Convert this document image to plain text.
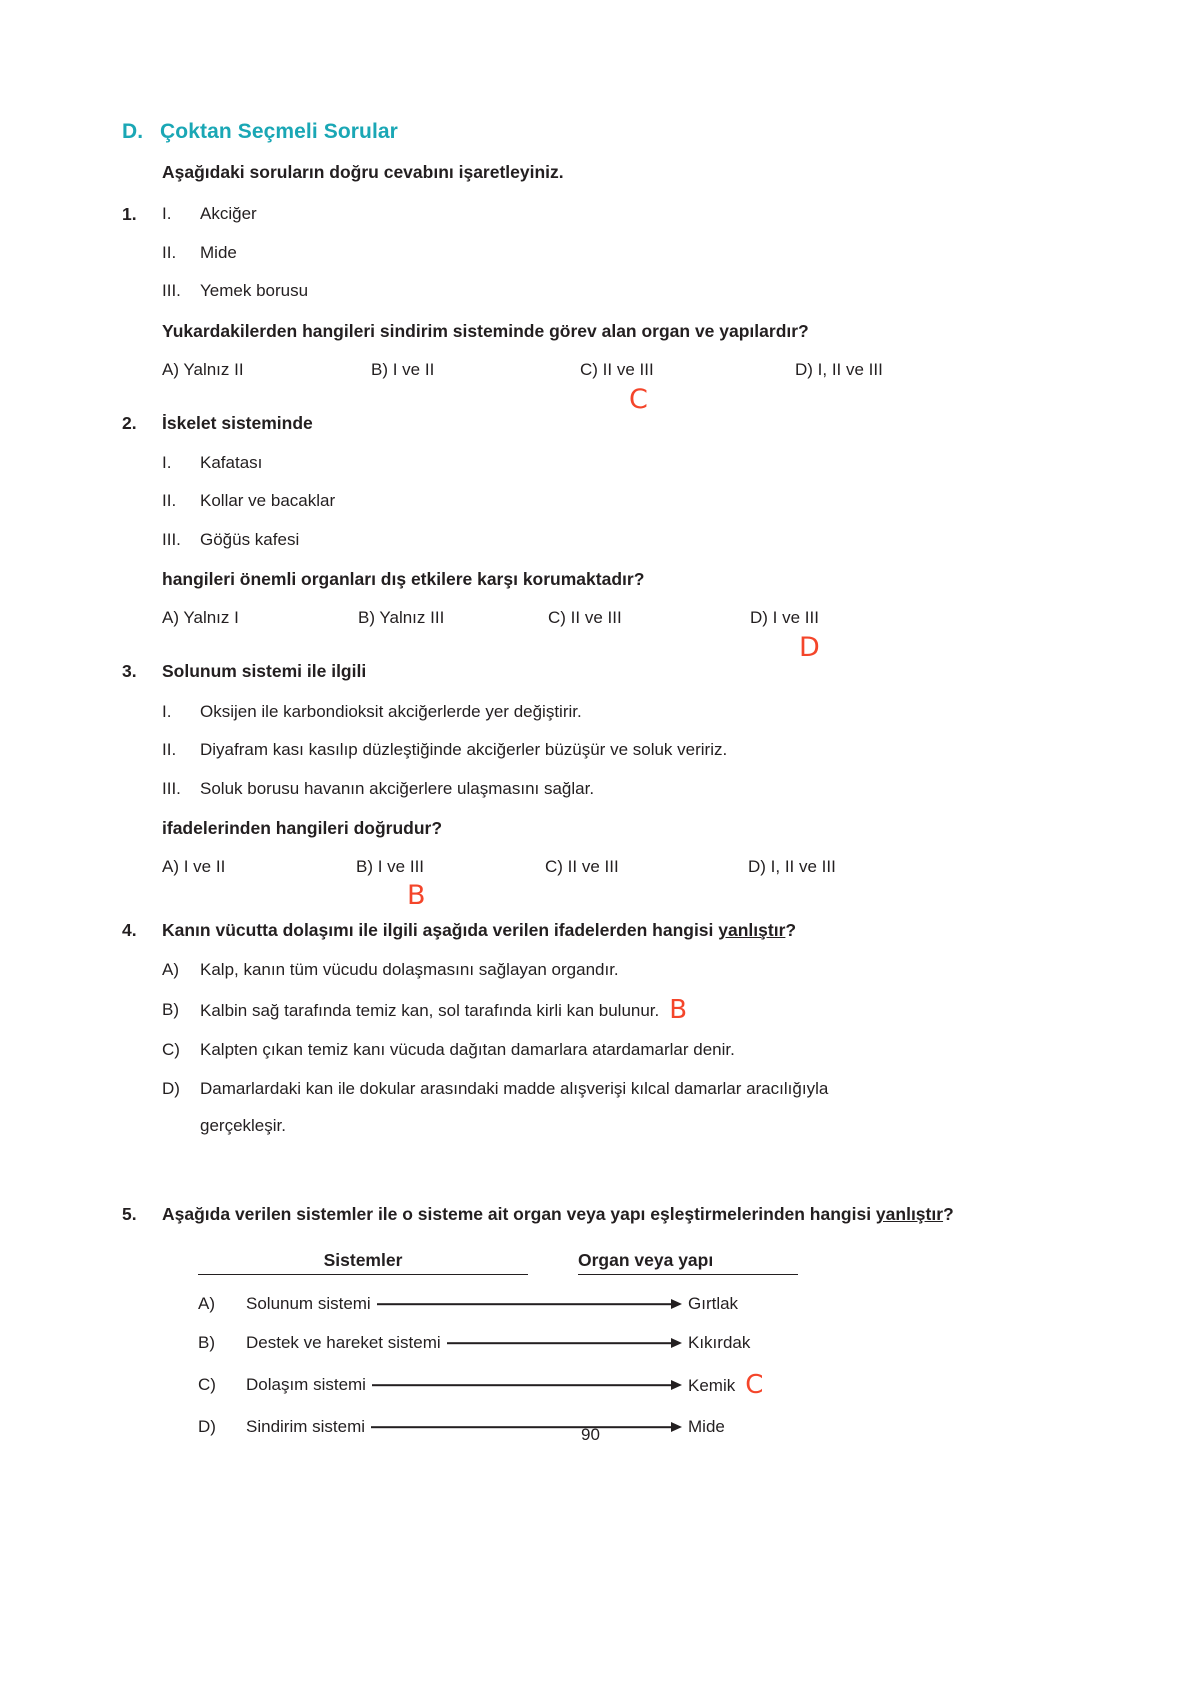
D. Çoktan Seçmeli Sorular
Aşağıdaki soruların doğru cevabını işaretleyiniz.
1.	I.	Akciğer
II.	Mide
III.	Yemek borusu
Yukardakilerden hangileri sindirim sisteminde görev alan organ ve yapılardır?
A) Yalnız II	B) I ve II	C) II ve III	D) I, II ve III
C
2.	İskelet sisteminde
I.	Kafatası
II.	Kollar ve bacaklar
III.	Göğüs kafesi
hangileri önemli organları dış etkilere karşı korumaktadır?
A) Yalnız I	B) Yalnız III	C) II ve III	D) I ve III
D
3.	Solunum sistemi ile ilgili
I.	Oksijen ile karbondioksit akciğerlerde yer değiştirir.
II.	Diyafram kası kasılıp düzleştiğinde akciğerler büzüşür ve soluk veririz.
III.	Soluk borusu havanın akciğerlere ulaşmasını sağlar.
ifadelerinden hangileri doğrudur?
A) I ve II	B) I ve III	C) II ve III	D) I, II ve III
B
4.	Kanın vücutta dolaşımı ile ilgili aşağıda verilen ifadelerden hangisi yanlıştır?
A)	Kalp, kanın tüm vücudu dolaşmasını sağlayan organdır.
B)	Kalbin sağ tarafında temiz kan, sol tarafında kirli kan bulunur. B
C)	Kalpten çıkan temiz kanı vücuda dağıtan damarlara atardamarlar denir.
D)	Damarlardaki kan ile dokular arasındaki madde alışverişi kılcal damarlar aracılığıyla
gerçekleşir.
5.	Aşağıda verilen sistemler ile o sisteme ait organ veya yapı eşleştirmelerinden hangisi yanlıştır?
Sistemler	Organ veya yapı
A)	Solunum sistemi	Gırtlak
B)	Destek ve hareket sistemi	Kıkırdak
C)	Dolaşım sistemi	Kemik C
D)	Sindirim sistemi	Mide
90
